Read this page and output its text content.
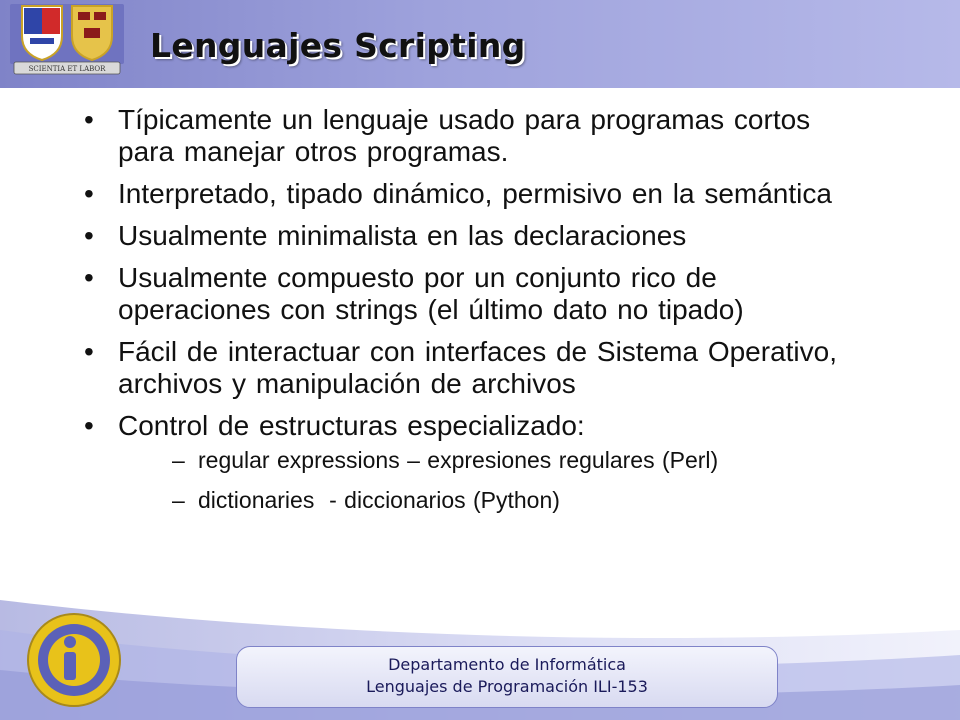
SCIENTIA ET LABOR
Lenguajes Scripting
• Típicamente un lenguaje usado para programas cortos para manejar otros programas.
• Interpretado, tipado dinámico, permisivo en la semántica
• Usualmente minimalista en las declaraciones
• Usualmente compuesto por un conjunto rico de operaciones con strings (el último dato no tipado)
• Fácil de interactuar con interfaces de Sistema Operativo, archivos y manipulación de archivos
• Control de estructuras especializado:
– regular expressions – expresiones regulares (Perl)
– dictionaries  - diccionarios (Python)
Departamento de Informática
Lenguajes de Programación ILI-153
